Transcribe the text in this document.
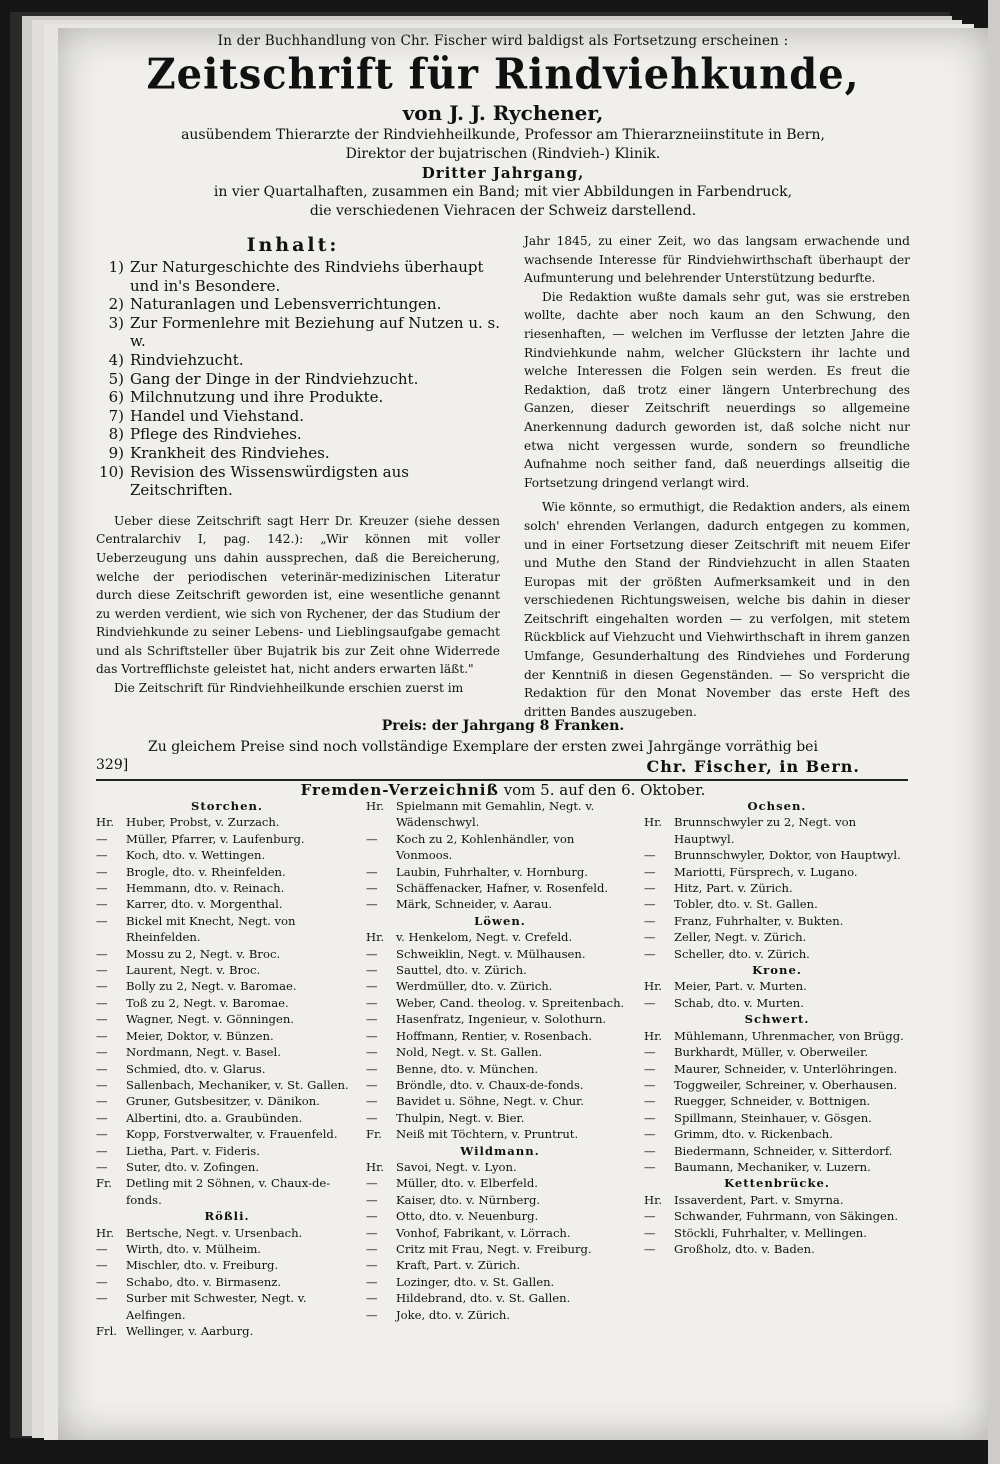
In der Buchhandlung von Chr. Fischer wird baldigst als Fortsetzung erscheinen :
Zeitschrift für Rindviehkunde,
von J. J. Rychener,
ausübendem Thierarzte der Rindviehheilkunde, Professor am Thierarzneiinstitute in Bern,
Direktor der bujatrischen (Rindvieh-) Klinik.
Dritter Jahrgang,
in vier Quartalhaften, zusammen ein Band; mit vier Abbildungen in Farbendruck,
die verschiedenen Viehracen der Schweiz darstellend.
Inhalt:
1) Zur Naturgeschichte des Rindviehs überhaupt und in's Besondere.
2) Naturanlagen und Lebensverrichtungen.
3) Zur Formenlehre mit Beziehung auf Nutzen u. s. w.
4) Rindviehzucht.
5) Gang der Dinge in der Rindviehzucht.
6) Milchnutzung und ihre Produkte.
7) Handel und Viehstand.
8) Pflege des Rindviehes.
9) Krankheit des Rindviehes.
10) Revision des Wissenswürdigsten aus Zeitschriften.

Ueber diese Zeitschrift sagt Herr Dr. Kreuzer (siehe dessen Centralarchiv I, pag. 142.): „Wir können mit voller Ueberzeugung uns dahin aussprechen, daß die Bereicherung, welche der periodischen veterinär-medizinischen Literatur durch diese Zeitschrift geworden ist, eine wesentliche genannt zu werden verdient, wie sich von Rychener, der das Studium der Rindviehkunde zu seiner Lebens- und Lieblingsaufgabe gemacht und als Schriftsteller über Bujatrik bis zur Zeit ohne Widerrede das Vortrefflichste geleistet hat, nicht anders erwarten läßt."

Die Zeitschrift für Rindviehheilkunde erschien zuerst im

Jahr 1845, zu einer Zeit, wo das langsam erwachende und wachsende Interesse für Rindviehwirthschaft überhaupt der Aufmunterung und belehrender Unterstützung bedurfte.

Die Redaktion wußte damals sehr gut, was sie erstreben wollte, dachte aber noch kaum an den Schwung, den riesenhaften, — welchen im Verflusse der letzten Jahre die Rindviehkunde nahm, welcher Glückstern ihr lachte und welche Interessen die Folgen sein werden. Es freut die Redaktion, daß trotz einer längern Unterbrechung des Ganzen, dieser Zeitschrift neuerdings so allgemeine Anerkennung dadurch geworden ist, daß solche nicht nur etwa nicht vergessen wurde, sondern so freundliche Aufnahme noch seither fand, daß neuerdings allseitig die Fortsetzung dringend verlangt wird.

Wie könnte, so ermuthigt, die Redaktion anders, als einem solch' ehrenden Verlangen, dadurch entgegen zu kommen, und in einer Fortsetzung dieser Zeitschrift mit neuem Eifer und Muthe den Stand der Rindviehzucht in allen Staaten Europas mit der größten Aufmerksamkeit und in den verschiedenen Richtungsweisen, welche bis dahin in dieser Zeitschrift eingehalten worden — zu verfolgen, mit stetem Rückblick auf Viehzucht und Viehwirthschaft in ihrem ganzen Umfange, Gesunderhaltung des Rindviehes und Forderung der Kenntniß in diesen Gegenständen. — So verspricht die Redaktion für den Monat November das erste Heft des dritten Bandes auszugeben.

Preis: der Jahrgang 8 Franken.
Zu gleichem Preise sind noch vollständige Exemplare der ersten zwei Jahrgänge vorräthig bei
329]	Chr. Fischer, in Bern.
Fremden-Verzeichniß vom 5. auf den 6. Oktober.
Storchen.
Hr.	Huber, Probst, v. Zurzach.
—	Müller, Pfarrer, v. Laufenburg.
—	Koch, dto. v. Wettingen.
—	Brogle, dto. v. Rheinfelden.
—	Hemmann, dto. v. Reinach.
—	Karrer, dto. v. Morgenthal.
—	Bickel mit Knecht, Negt. von Rheinfelden.
—	Mossu zu 2, Negt. v. Broc.
—	Laurent, Negt. v. Broc.
—	Bolly zu 2, Negt. v. Baromae.
—	Toß zu 2, Negt. v. Baromae.
—	Wagner, Negt. v. Gönningen.
—	Meier, Doktor, v. Bünzen.
—	Nordmann, Negt. v. Basel.
—	Schmied, dto. v. Glarus.
—	Sallenbach, Mechaniker, v. St. Gallen.
—	Gruner, Gutsbesitzer, v. Dänikon.
—	Albertini, dto. a. Graubünden.
—	Kopp, Forstverwalter, v. Frauenfeld.
—	Lietha, Part. v. Fideris.
—	Suter, dto. v. Zofingen.
Fr.	Detling mit 2 Söhnen, v. Chaux-de-fonds.
Rößli.
Hr.	Bertsche, Negt. v. Ursenbach.
—	Wirth, dto. v. Mülheim.
—	Mischler, dto. v. Freiburg.
—	Schabo, dto. v. Birmasenz.
—	Surber mit Schwester, Negt. v. Aelfingen.
Frl. Wellinger, v. Aarburg.
Hr.	Spielmann mit Gemahlin, Negt. v. Wädenschwyl.
—	Koch zu 2, Kohlenhändler, von Vonmoos.
—	Laubin, Fuhrhalter, v. Hornburg.
—	Schäffenacker, Hafner, v. Rosenfeld.
—	Märk, Schneider, v. Aarau.
Löwen.
Hr.	v. Henkelom, Negt. v. Crefeld.
—	Schweiklin, Negt. v. Mülhausen.
—	Sauttel, dto. v. Zürich.
—	Werdmüller, dto. v. Zürich.
—	Weber, Cand. theolog. v. Spreitenbach.
—	Hasenfratz, Ingenieur, v. Solothurn.
—	Hoffmann, Rentier, v. Rosenbach.
—	Nold, Negt. v. St. Gallen.
—	Benne, dto. v. München.
—	Bröndle, dto. v. Chaux-de-fonds.
—	Bavidet u. Söhne, Negt. v. Chur.
—	Thulpin, Negt. v. Bier.
Fr.	Neiß mit Töchtern, v. Pruntrut.
Wildmann.
Hr.	Savoi, Negt. v. Lyon.
—	Müller, dto. v. Elberfeld.
—	Kaiser, dto. v. Nürnberg.
—	Otto, dto. v. Neuenburg.
—	Vonhof, Fabrikant, v. Lörrach.
—	Critz mit Frau, Negt. v. Freiburg.
—	Kraft, Part. v. Zürich.
—	Lozinger, dto. v. St. Gallen.
—	Hildebrand, dto. v. St. Gallen.
—	Joke, dto. v. Zürich.
Ochsen.
Hr.	Brunnschwyler zu 2, Negt. von Hauptwyl.
—	Brunnschwyler, Doktor, von Hauptwyl.
—	Mariotti, Fürsprech, v. Lugano.
—	Hitz, Part. v. Zürich.
—	Tobler, dto. v. St. Gallen.
—	Franz, Fuhrhalter, v. Bukten.
—	Zeller, Negt. v. Zürich.
—	Scheller, dto. v. Zürich.
Krone.
Hr.	Meier, Part. v. Murten.
—	Schab, dto. v. Murten.
Schwert.
Hr.	Mühlemann, Uhrenmacher, von Brügg.
—	Burkhardt, Müller, v. Oberweiler.
—	Maurer, Schneider, v. Unterlöhringen.
—	Toggweiler, Schreiner, v. Oberhausen.
—	Ruegger, Schneider, v. Bottnigen.
—	Spillmann, Steinhauer, v. Gösgen.
—	Grimm, dto. v. Rickenbach.
—	Biedermann, Schneider, v. Sitterdorf.
—	Baumann, Mechaniker, v. Luzern.
Kettenbrücke.
Hr.	Issaverdent, Part. v. Smyrna.
—	Schwander, Fuhrmann, von Säkingen.
—	Stöckli, Fuhrhalter, v. Mellingen.
—	Großholz, dto. v. Baden.
